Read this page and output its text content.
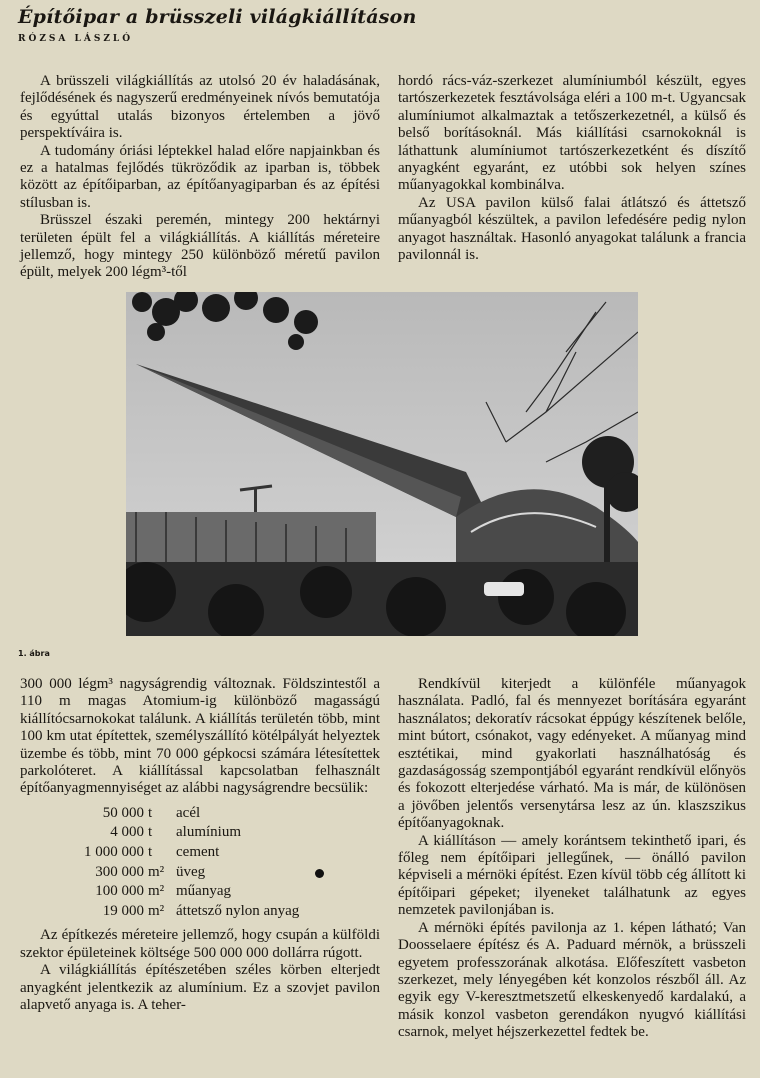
Építőipar a brüsszeli világkiállításon
RÓZSA LÁSZLÓ

A brüsszeli világkiállítás az utolsó 20 év haladásának, fejlődésének és nagyszerű eredményeinek nívós bemutatója és egyúttal utalás bizonyos értelemben a jövő perspektíváira is.

A tudomány óriási léptekkel halad előre napjainkban és ez a hatalmas fejlődés tükröződik az iparban is, többek között az építőiparban, az építőanyagiparban és az építési stílusban is.

Brüsszel északi peremén, mintegy 200 hektárnyi területen épült fel a világkiállítás. A kiállítás méreteire jellemző, hogy mintegy 250 különböző méretű pavilon épült, melyek 200 légm³-től

hordó rács-váz-szerkezet alumíniumból készült, egyes tartószerkezetek fesztávolsága eléri a 100 m-t. Ugyancsak alumíniumot alkalmaztak a tetőszerkezetnél, a külső és belső borításoknál. Más kiállítási csarnokoknál is láthattunk alumíniumot tartószerkezetként és díszítő anyagként egyaránt, ez utóbbi sok helyen színes műanyagokkal kombinálva.

Az USA pavilon külső falai átlátszó és áttetsző műanyagból készültek, a pavilon lefedésére pedig nylon anyagot használtak. Hasonló anyagokat találunk a francia pavilonnál is.

1. ábra

300 000 légm³ nagyságrendig változnak. Földszintestől a 110 m magas Atomium-ig különböző magasságú kiállítócsarnokokat találunk. A kiállítás területén több, mint 100 km utat építettek, személyszállító kötélpályát helyeztek üzembe és több, mint 70 000 gépkocsi számára létesítettek parkolóteret. A kiállítással kapcsolatban felhasznált építőanyagmennyiséget az alábbi nagyságrendre becsülik:

50 000	t	acél
4 000	t	alumínium
1 000 000	t	cement
300 000	m²	üveg
100 000	m²	műanyag
19 000	m²	áttetsző nylon anyag

Az építkezés méreteire jellemző, hogy csupán a külföldi szektor épületeinek költsége 500 000 000 dollárra rúgott.

A világkiállítás építészetében széles körben elterjedt anyagként jelentkezik az alumínium. Ez a szovjet pavilon alapvető anyaga is. A teher-

Rendkívül kiterjedt a különféle műanyagok használata. Padló, fal és mennyezet borítására egyaránt használatos; dekoratív rácsokat éppúgy készítenek belőle, mint bútort, csónakot, vagy edényeket. A műanyag mind esztétikai, mind gyakorlati használhatóság és gazdaságosság szempontjából egyaránt rendkívül előnyös és fokozott elterjedése várható. Ma is már, de különösen a jövőben jelentős versenytársa lesz az ún. klaszszikus építőanyagoknak.

A kiállításon — amely korántsem tekinthető ipari, és főleg nem építőipari jellegűnek, — önálló pavilon képviseli a mérnöki építést. Ezen kívül több cég állított ki építőipari gépeket; ilyeneket találhatunk az egyes nemzetek pavilonjában is.

A mérnöki építés pavilonja az 1. képen látható; Van Doosselaere építész és A. Paduard mérnök, a brüsszeli egyetem professzorának alkotása. Előfeszített vasbeton szerkezet, mely lényegében két konzolos részből áll. Az egyik egy V-keresztmetszetű elkeskenyedő kardalakú, a másik konzol vasbeton gerendákon nyugvó kiállítási csarnok, melyet héjszerkezettel fedtek be.
